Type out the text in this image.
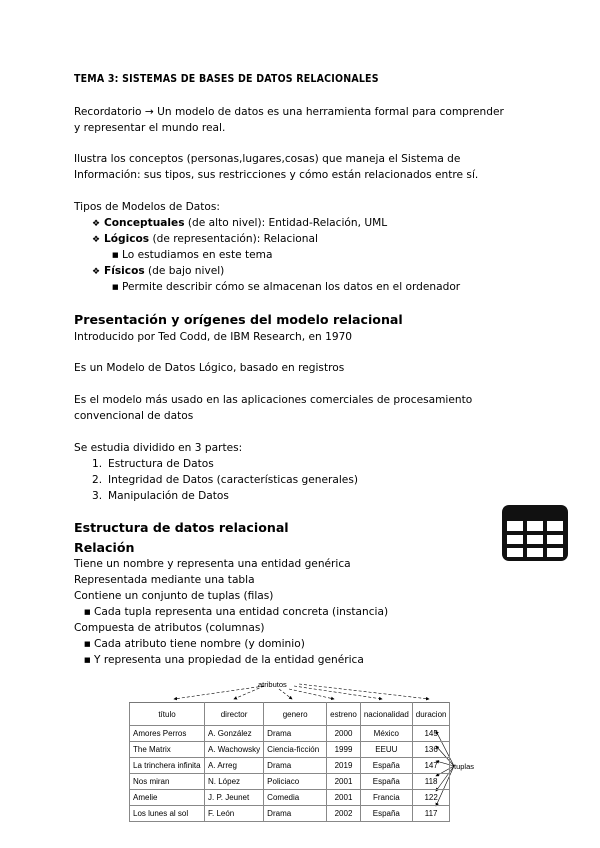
TEMA 3: SISTEMAS DE BASES DE DATOS RELACIONALES
Recordatorio → Un modelo de datos es una herramienta formal para comprender
y representar el mundo real.
Ilustra los conceptos (personas,lugares,cosas) que maneja el Sistema de
Información: sus tipos, sus restricciones y cómo están relacionados entre sí.
Tipos de Modelos de Datos:
❖ Conceptuales (de alto nivel): Entidad-Relación, UML
❖ Lógicos (de representación): Relacional
■ Lo estudiamos en este tema
❖ Físicos (de bajo nivel)
■ Permite describir cómo se almacenan los datos en el ordenador
Presentación y orígenes del modelo relacional
Introducido por Ted Codd, de IBM Research, en 1970
Es un Modelo de Datos Lógico, basado en registros
Es el modelo más usado en las aplicaciones comerciales de procesamiento
convencional de datos
Se estudia dividido en 3 partes:
1. Estructura de Datos
2. Integridad de Datos (características generales)
3. Manipulación de Datos
Estructura de datos relacional
Relación
Tiene un nombre y representa una entidad genérica
Representada mediante una tabla
Contiene un conjunto de tuplas (filas)
■ Cada tupla representa una entidad concreta (instancia)
Compuesta de atributos (columnas)
■ Cada atributo tiene nombre (y dominio)
■ Y representa una propiedad de la entidad genérica
atributos
tuplas
título	director	genero	estreno	nacionalidad	duracion
Amores Perros	A. González	Drama	2000	México	145
The Matrix	A. Wachowsky	Ciencia-ficción	1999	EEUU	136
La trinchera infinita	A. Arreg	Drama	2019	España	147
Nos miran	N. López	Policiaco	2001	España	118
Amelie	J. P. Jeunet	Comedia	2001	Francia	122
Los lunes al sol	F. León	Drama	2002	España	117
